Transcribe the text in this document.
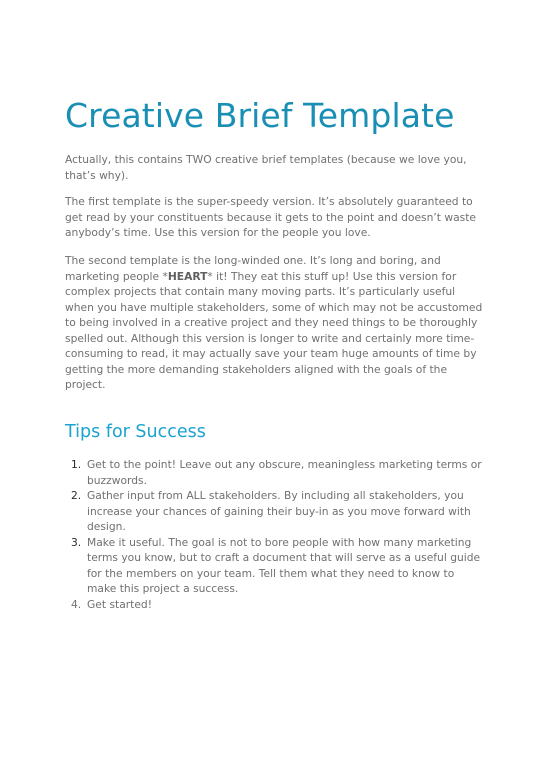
Creative Brief Template

Actually, this contains TWO creative brief templates (because we love you, that’s why).

The first template is the super-speedy version. It’s absolutely guaranteed to get read by your constituents because it gets to the point and doesn’t waste anybody’s time. Use this version for the people you love.

The second template is the long-winded one. It’s long and boring, and marketing people *HEART* it! They eat this stuff up! Use this version for complex projects that contain many moving parts. It’s particularly useful when you have multiple stakeholders, some of which may not be accustomed to being involved in a creative project and they need things to be thoroughly spelled out. Although this version is longer to write and certainly more time-consuming to read, it may actually save your team huge amounts of time by getting the more demanding stakeholders aligned with the goals of the project.

Tips for Success
1. Get to the point! Leave out any obscure, meaningless marketing terms or buzzwords.
2. Gather input from ALL stakeholders. By including all stakeholders, you increase your chances of gaining their buy-in as you move forward with design.
3. Make it useful. The goal is not to bore people with how many marketing terms you know, but to craft a document that will serve as a useful guide for the members on your team. Tell them what they need to know to make this project a success.
4. Get started!
